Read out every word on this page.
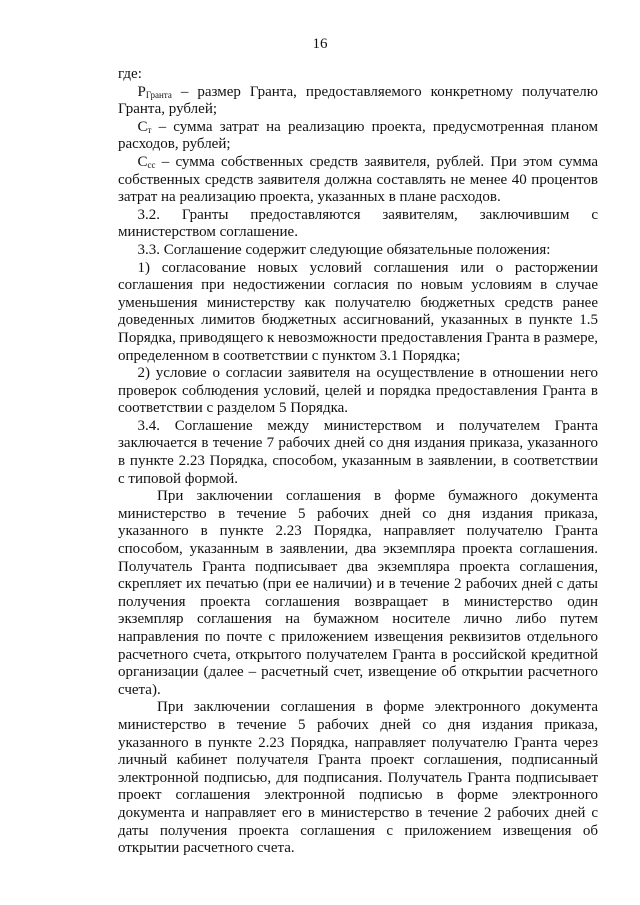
16

где:

$P_{Гранта}$ – размер Гранта, предоставляемого конкретному получателю Гранта, рублей;

$С_т$ – сумма затрат на реализацию проекта, предусмотренная планом расходов, рублей;

$С_{сс}$ – сумма собственных средств заявителя, рублей. При этом сумма собственных средств заявителя должна составлять не менее 40 процентов затрат на реализацию проекта, указанных в плане расходов.

3.2. Гранты предоставляются заявителям, заключившим с министерством соглашение.

3.3. Соглашение содержит следующие обязательные положения:

1) согласование новых условий соглашения или о расторжении соглашения при недостижении согласия по новым условиям в случае уменьшения министерству как получателю бюджетных средств ранее доведенных лимитов бюджетных ассигнований, указанных в пункте 1.5 Порядка, приводящего к невозможности предоставления Гранта в размере, определенном в соответствии с пунктом 3.1 Порядка;

2) условие о согласии заявителя на осуществление в отношении него проверок соблюдения условий, целей и порядка предоставления Гранта в соответствии с разделом 5 Порядка.

3.4. Соглашение между министерством и получателем Гранта заключается в течение 7 рабочих дней со дня издания приказа, указанного в пункте 2.23 Порядка, способом, указанным в заявлении, в соответствии с типовой формой.

При заключении соглашения в форме бумажного документа министерство в течение 5 рабочих дней со дня издания приказа, указанного в пункте 2.23 Порядка, направляет получателю Гранта способом, указанным в заявлении, два экземпляра проекта соглашения. Получатель Гранта подписывает два экземпляра проекта соглашения, скрепляет их печатью (при ее наличии) и в течение 2 рабочих дней с даты получения проекта соглашения возвращает в министерство один экземпляр соглашения на бумажном носителе лично либо путем направления по почте с приложением извещения реквизитов отдельного расчетного счета, открытого получателем Гранта в российской кредитной организации (далее – расчетный счет, извещение об открытии расчетного счета).

При заключении соглашения в форме электронного документа министерство в течение 5 рабочих дней со дня издания приказа, указанного в пункте 2.23 Порядка, направляет получателю Гранта через личный кабинет получателя Гранта проект соглашения, подписанный электронной подписью, для подписания. Получатель Гранта подписывает проект соглашения электронной подписью в форме электронного документа и направляет его в министерство в течение 2 рабочих дней с даты получения проекта соглашения с приложением извещения об открытии расчетного счета.
